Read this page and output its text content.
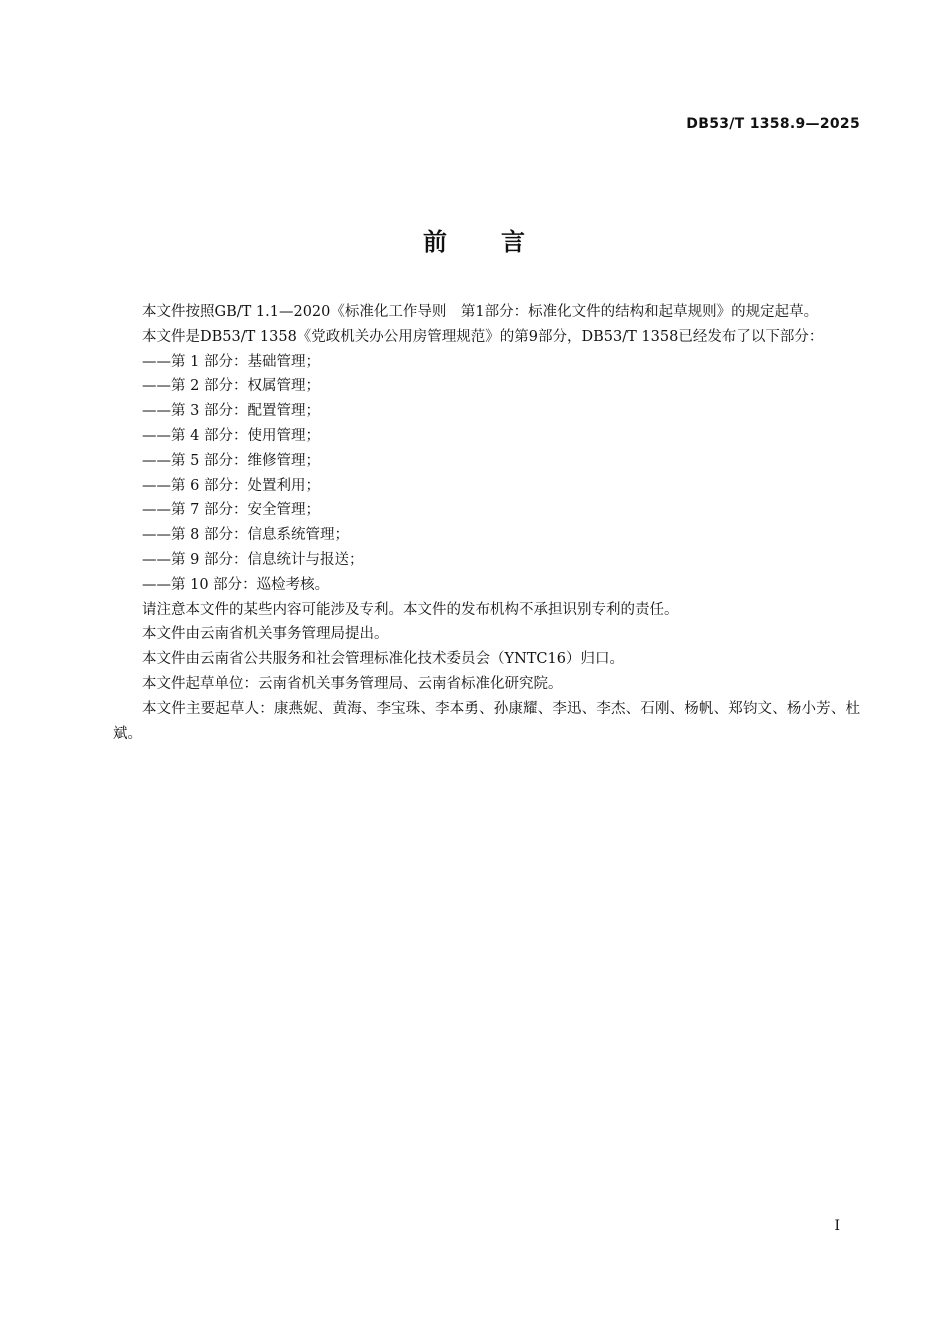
DB53/T 1358.9—2025
前　　言

本文件按照GB/T 1.1—2020《标准化工作导则　第1部分：标准化文件的结构和起草规则》的规定起草。

本文件是DB53/T 1358《党政机关办公用房管理规范》的第9部分，DB53/T 1358已经发布了以下部分：

——第 1 部分：基础管理；

——第 2 部分：权属管理；

——第 3 部分：配置管理；

——第 4 部分：使用管理；

——第 5 部分：维修管理；

——第 6 部分：处置利用；

——第 7 部分：安全管理；

——第 8 部分：信息系统管理；

——第 9 部分：信息统计与报送；

——第 10 部分：巡检考核。

请注意本文件的某些内容可能涉及专利。本文件的发布机构不承担识别专利的责任。

本文件由云南省机关事务管理局提出。

本文件由云南省公共服务和社会管理标准化技术委员会（YNTC16）归口。

本文件起草单位：云南省机关事务管理局、云南省标准化研究院。

本文件主要起草人：康燕妮、黄海、李宝珠、李本勇、孙康耀、李迅、李杰、石刚、杨帆、郑钧文、杨小芳、杜斌。

I
